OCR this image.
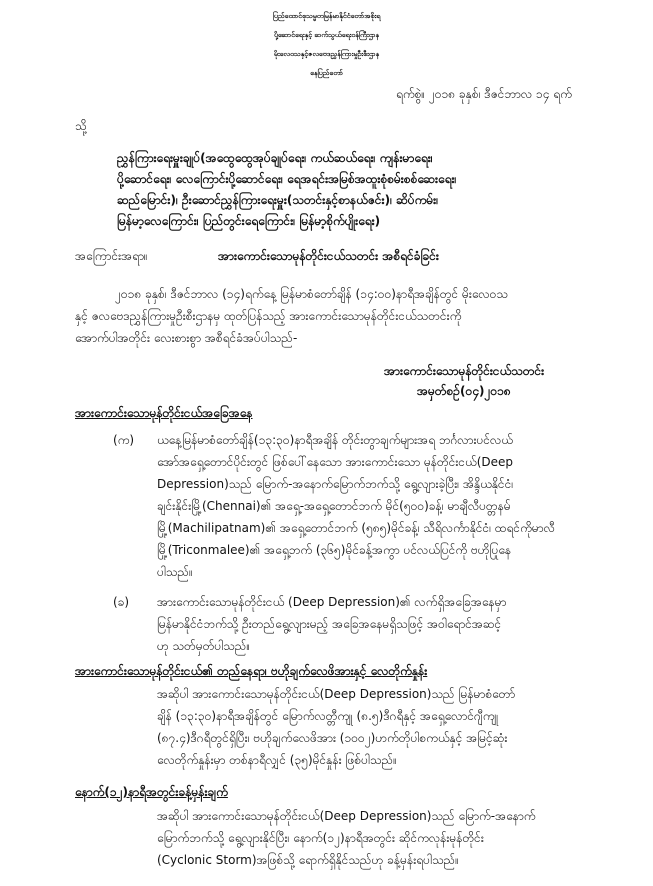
ပြည်ထောင်စုသမ္မတမြန်မာနိုင်ငံတော်အစိုးရ
ပို့ဆောင်ရေးနှင့် ဆက်သွယ်ရေးဝန်ကြီးဌာန
မိုးလေဝသနှင့်ဇလဗေဒညွှန်ကြားမှုဦးစီးဌာန
နေပြည်တော်
ရက်စွဲ။ ၂၀၁၈ ခုနှစ်၊ ဒီဇင်ဘာလ ၁၄ ရက်
သို့
ညွှန်ကြားရေးမှူးချုပ်(အထွေထွေအုပ်ချုပ်ရေး၊ ကယ်ဆယ်ရေး၊ ကျန်းမာရေး၊
ပို့ဆောင်ရေး၊ လေကြောင်းပို့ဆောင်ရေး၊ ရေအရင်းအမြစ်အထူးစုံစမ်းစစ်ဆေးရေး၊
ဆည်မြောင်း)၊ ဦးဆောင်ညွှန်ကြားရေးမှူး(သတင်းနှင့်စာနယ်ဇင်း)၊ ဆိပ်ကမ်း၊
မြန်မာ့လေကြောင်း၊ ပြည်တွင်းရေကြောင်း၊ မြန်မာ့စိုက်ပျိုးရေး)
အကြောင်းအရာ။	အားကောင်းသောမုန်တိုင်းငယ်သတင်း အစီရင်ခံခြင်း
၂၀၁၈ ခုနှစ်၊ ဒီဇင်ဘာလ (၁၄)ရက်နေ့ မြန်မာစံတော်ချိန် (၁၄:၀၀)နာရီအချိန်တွင် မိုးလေဝသ
နှင့် ဇလဗေဒညွှန်ကြားမှုဦးစီးဌာနမှ ထုတ်ပြန်သည့် အားကောင်းသောမုန်တိုင်းငယ်သတင်းကို
အောက်ပါအတိုင်း လေးစားစွာ အစီရင်ခံအပ်ပါသည်-
အားကောင်းသောမုန်တိုင်းငယ်သတင်း
အမှတ်စဉ်(၀၄)၂၀၁၈
အားကောင်းသောမုန်တိုင်းငယ်အခြေအနေ
(က) ယနေ့မြန်မာစံတော်ချိန်(၁၃:၃၀)နာရီအချိန် တိုင်းတွာချက်များအရ ဘင်္ဂလားပင်လယ်
အော်အရှေ့တောင်ပိုင်းတွင် ဖြစ်ပေါ်နေသော အားကောင်းသော မုန်တိုင်းငယ်(Deep
Depression)သည် မြောက်-အနောက်မြောက်ဘက်သို့ ရွေ့လျားခဲ့ပြီး၊ အိန္ဒိယနိုင်ငံ၊
ချင်းနိုင်းမြို့(Chennai)၏ အရှေ့-အရှေ့တောင်ဘက် မိုင်(၅၀၀)ခန့်၊ မာချီလီပတ္တနမ်
မြို့(Machilipatnam)၏ အရှေ့တောင်ဘက် (၅၈၅)မိုင်ခန့်၊ သီရိလင်္ကာနိုင်ငံ၊ ထရင်ကိုမာလီ
မြို့(Triconmalee)၏ အရှေ့ဘက် (၃၆၅)မိုင်ခန့်အကွာ ပင်လယ်ပြင်ကို ဗဟိုပြုနေ
ပါသည်။
(ခ) အားကောင်းသောမုန်တိုင်းငယ် (Deep Depression)၏ လက်ရှိအခြေအနေမှာ
မြန်မာနိုင်ငံဘက်သို့ ဦးတည်ရွေ့လျားမည့် အခြေအနေမရှိသဖြင့် အဝါရောင်အဆင့်
ဟု သတ်မှတ်ပါသည်။
အားကောင်းသောမုန်တိုင်းငယ်၏ တည်နေရာ၊ ဗဟိုချက်လေဖိအားနှင့် လေတိုက်နှုန်း
အဆိုပါ အားကောင်းသောမုန်တိုင်းငယ်(Deep Depression)သည် မြန်မာစံတော်
ချိန် (၁၃:၃၀)နာရီအချိန်တွင် မြောက်လတ္တီကျု (၈.၅)ဒီဂရီနှင့် အရှေ့လောင်ဂျီကျု
(၈၇.၄)ဒီဂရီတွင်ရှိပြီး၊ ဗဟိုချက်လေဖိအား (၁၀၀၂)ဟက်တိုပါစကယ်နှင့် အမြင့်ဆုံး
လေတိုက်နှုန်းမှာ တစ်နာရီလျှင် (၃၅)မိုင်နှုန်း ဖြစ်ပါသည်။
နောက်(၁၂)နာရီအတွင်းခန့်မှန်းချက်
အဆိုပါ အားကောင်းသောမုန်တိုင်းငယ်(Deep Depression)သည် မြောက်-အနောက်
မြောက်ဘက်သို့ ရွေ့လျားနိုင်ပြီး၊ နောက်(၁၂)နာရီအတွင်း ဆိုင်ကလုန်းမုန်တိုင်း
(Cyclonic Storm)အဖြစ်သို့ ရောက်ရှိနိုင်သည်ဟု ခန့်မှန်းရပါသည်။
